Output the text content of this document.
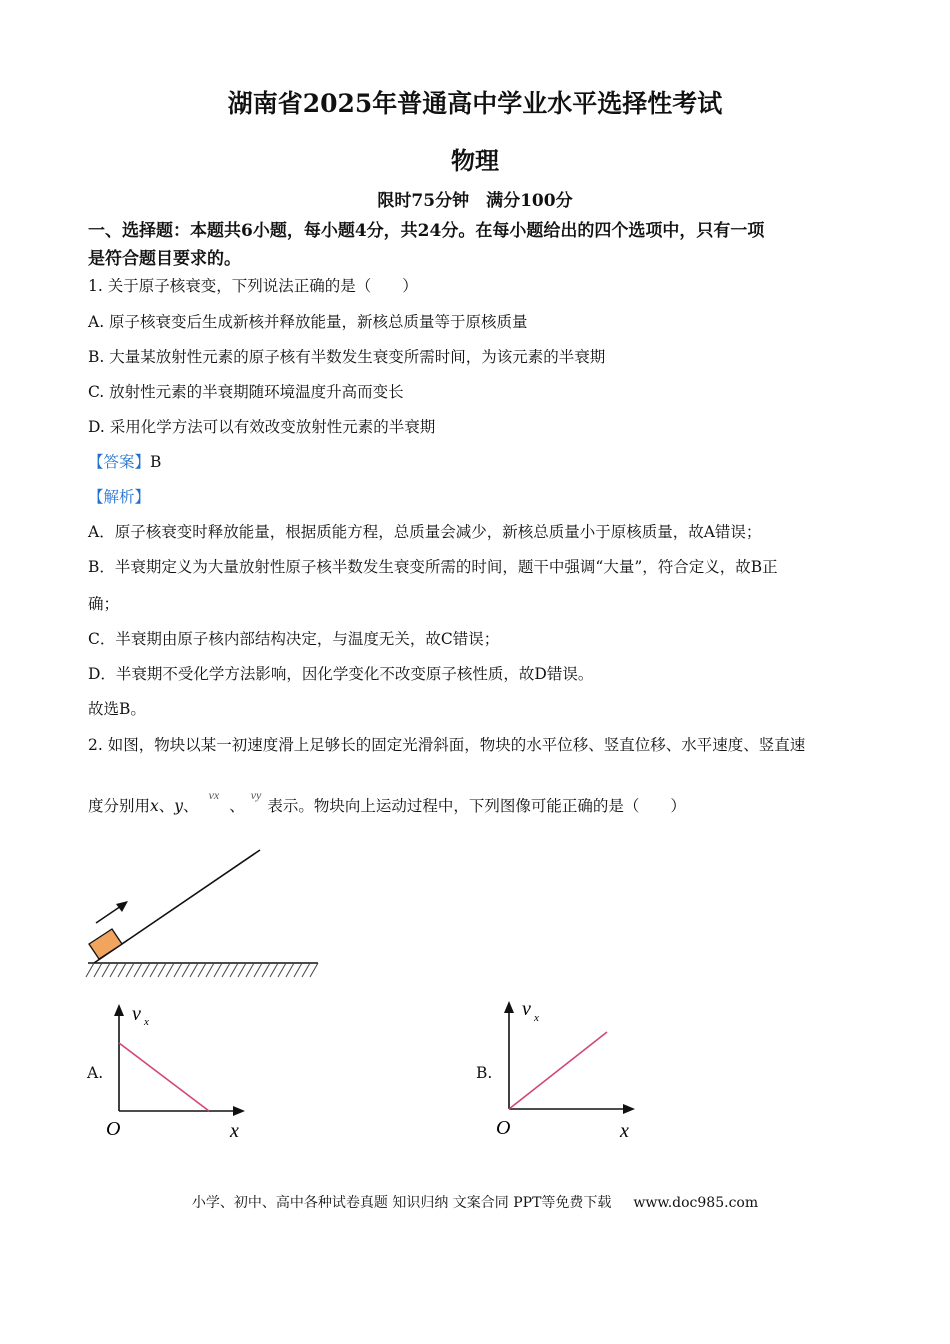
湖南省2025年普通高中学业水平选择性考试
物理
限时75分钟　满分100分
一、选择题：本题共6小题，每小题4分，共24分。在每小题给出的四个选项中，只有一项
是符合题目要求的。
1. 关于原子核衰变，下列说法正确的是（　　）
A. 原子核衰变后生成新核并释放能量，新核总质量等于原核质量
B. 大量某放射性元素的原子核有半数发生衰变所需时间，为该元素的半衰期
C. 放射性元素的半衰期随环境温度升高而变长
D. 采用化学方法可以有效改变放射性元素的半衰期
【答案】B
【解析】
A．原子核衰变时释放能量，根据质能方程，总质量会减少，新核总质量小于原核质量，故A错误；
B．半衰期定义为大量放射性原子核半数发生衰变所需的时间，题干中强调“大量”，符合定义，故B正
确；
C．半衰期由原子核内部结构决定，与温度无关，故C错误；
D．半衰期不受化学方法影响，因化学变化不改变原子核性质，故D错误。
故选B。
2. 如图，物块以某一初速度滑上足够长的固定光滑斜面，物块的水平位移、竖直位移、水平速度、竖直速
度分别用x、y、$^{vx}$、$^{vy}$表示。物块向上运动过程中，下列图像可能正确的是（　　）
A.
v x
O	x
B.
v x
O	x
小学、初中、高中各种试卷真题 知识归纳 文案合同 PPT等免费下载 www.doc985.com
